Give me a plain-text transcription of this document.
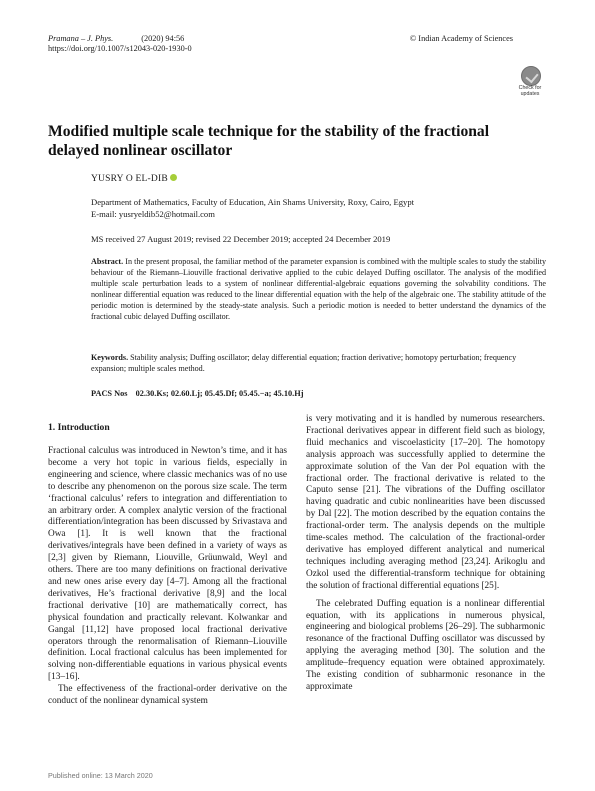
Pramana – J. Phys.	(2020) 94:56
https://doi.org/10.1007/s12043-020-1930-0
© Indian Academy of Sciences
Check for
updates
Modified multiple scale technique for the stability of the fractional delayed nonlinear oscillator
YUSRY O EL-DIB
Department of Mathematics, Faculty of Education, Ain Shams University, Roxy, Cairo, Egypt
E-mail: yusryeldib52@hotmail.com
MS received 27 August 2019; revised 22 December 2019; accepted 24 December 2019
Abstract. In the present proposal, the familiar method of the parameter expansion is combined with the multiple scales to study the stability behaviour of the Riemann–Liouville fractional derivative applied to the cubic delayed Duffing oscillator. The analysis of the modified multiple scale perturbation leads to a system of nonlinear differential-algebraic equations governing the solvability conditions. The nonlinear differential equation was reduced to the linear differential equation with the help of the algebraic one. The stability attitude of the periodic motion is determined by the steady-state analysis. Such a periodic motion is needed to better understand the dynamics of the fractional cubic delayed Duffing oscillator.
Keywords. Stability analysis; Duffing oscillator; delay differential equation; fraction derivative; homotopy perturbation; frequency expansion; multiple scales method.
PACS Nos 02.30.Ks; 02.60.Lj; 05.45.Df; 05.45.−a; 45.10.Hj
1. Introduction

Fractional calculus was introduced in Newton’s time, and it has become a very hot topic in various fields, especially in engineering and science, where classic mechanics was of no use to describe any phenomenon on the porous size scale. The term ‘fractional calculus’ refers to integration and differentiation to an arbitrary order. A complex analytic version of the fractional differentiation/integration has been discussed by Srivastava and Owa [1]. It is well known that the fractional derivatives/integrals have been defined in a variety of ways as [2,3] given by Riemann, Liouville, Grüunwald, Weyl and others. There are too many definitions on fractional derivative and new ones arise every day [4–7]. Among all the fractional derivatives, He’s fractional derivative [8,9] and the local fractional derivative [10] are mathematically correct, has physical foundation and practically relevant. Kolwankar and Gangal [11,12] have proposed local fractional derivative operators through the renormalisation of Riemann–Liouville definition. Local fractional calculus has been implemented for solving non-differentiable equations in various physical events [13–16].

The effectiveness of the fractional-order derivative on the conduct of the nonlinear dynamical system

is very motivating and it is handled by numerous researchers. Fractional derivatives appear in different field such as biology, fluid mechanics and viscoelasticity [17–20]. The homotopy analysis approach was successfully applied to determine the approximate solution of the Van der Pol equation with the fractional order. The fractional derivative is related to the Caputo sense [21]. The vibrations of the Duffing oscillator having quadratic and cubic nonlinearities have been discussed by Dal [22]. The motion described by the equation contains the fractional-order term. The analysis depends on the multiple time-scales method. The calculation of the fractional-order derivative has employed different analytical and numerical techniques including averaging method [23,24]. Arikoglu and Ozkol used the differential-transform technique for obtaining the solution of fractional differential equations [25].

The celebrated Duffing equation is a nonlinear differential equation, with its applications in numerous physical, engineering and biological problems [26–29]. The subharmonic resonance of the fractional Duffing oscillator was discussed by applying the averaging method [30]. The solution and the amplitude–frequency equation were obtained approximately. The existing condition of subharmonic resonance in the approximate

Published online: 13 March 2020
